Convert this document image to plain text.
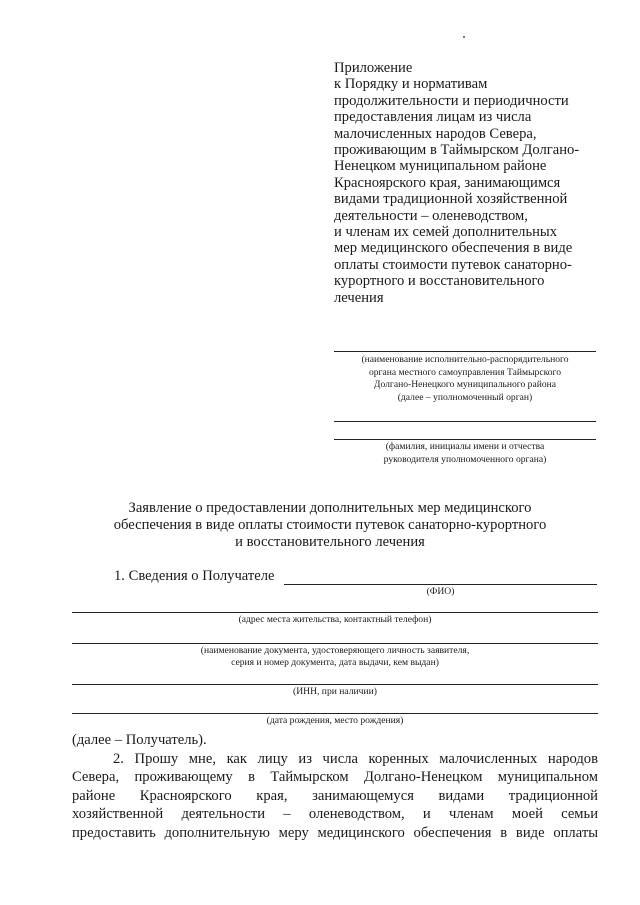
Приложение
к Порядку и нормативам
продолжительности и периодичности
предоставления лицам из числа
малочисленных народов Севера,
проживающим в Таймырском Долгано-
Ненецком муниципальном районе
Красноярского края, занимающимся
видами традиционной хозяйственной
деятельности – оленеводством,
и членам их семей дополнительных
мер медицинского обеспечения в виде
оплаты стоимости путевок санаторно-
курортного и восстановительного
лечения
(наименование исполнительно-распорядительного
органа местного самоуправления Таймырского
Долгано-Ненецкого муниципального района
(далее – уполномоченный орган)
(фамилия, инициалы имени и отчества
руководителя уполномоченного органа)
Заявление о предоставлении дополнительных мер медицинского
обеспечения в виде оплаты стоимости путевок санаторно-курортного
и восстановительного лечения
1. Сведения о Получателе
(ФИО)
(адрес места жительства, контактный телефон)
(наименование документа, удостоверяющего личность заявителя,
серия и номер документа, дата выдачи, кем выдан)
(ИНН, при наличии)
(дата рождения, место рождения)
(далее – Получатель).
2. Прошу мне, как лицу из числа коренных малочисленных народов
Севера, проживающему в Таймырском Долгано-Ненецком муниципальном
районе Красноярского края, занимающемуся видами традиционной
хозяйственной деятельности – оленеводством, и членам моей семьи
предоставить дополнительную меру медицинского обеспечения в виде оплаты
